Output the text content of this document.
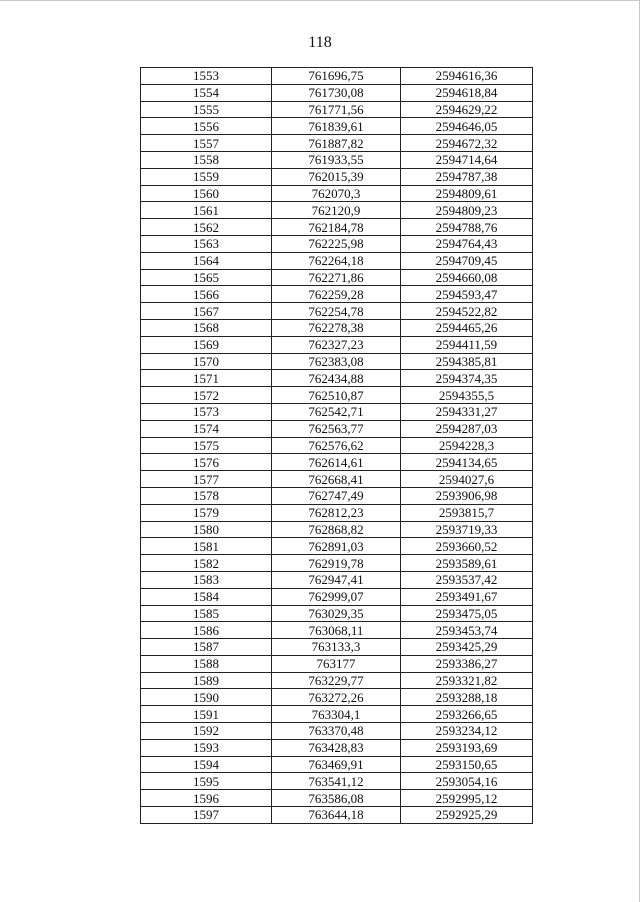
118
1553	761696,75	2594616,36
1554	761730,08	2594618,84
1555	761771,56	2594629,22
1556	761839,61	2594646,05
1557	761887,82	2594672,32
1558	761933,55	2594714,64
1559	762015,39	2594787,38
1560	762070,3	2594809,61
1561	762120,9	2594809,23
1562	762184,78	2594788,76
1563	762225,98	2594764,43
1564	762264,18	2594709,45
1565	762271,86	2594660,08
1566	762259,28	2594593,47
1567	762254,78	2594522,82
1568	762278,38	2594465,26
1569	762327,23	2594411,59
1570	762383,08	2594385,81
1571	762434,88	2594374,35
1572	762510,87	2594355,5
1573	762542,71	2594331,27
1574	762563,77	2594287,03
1575	762576,62	2594228,3
1576	762614,61	2594134,65
1577	762668,41	2594027,6
1578	762747,49	2593906,98
1579	762812,23	2593815,7
1580	762868,82	2593719,33
1581	762891,03	2593660,52
1582	762919,78	2593589,61
1583	762947,41	2593537,42
1584	762999,07	2593491,67
1585	763029,35	2593475,05
1586	763068,11	2593453,74
1587	763133,3	2593425,29
1588	763177	2593386,27
1589	763229,77	2593321,82
1590	763272,26	2593288,18
1591	763304,1	2593266,65
1592	763370,48	2593234,12
1593	763428,83	2593193,69
1594	763469,91	2593150,65
1595	763541,12	2593054,16
1596	763586,08	2592995,12
1597	763644,18	2592925,29
